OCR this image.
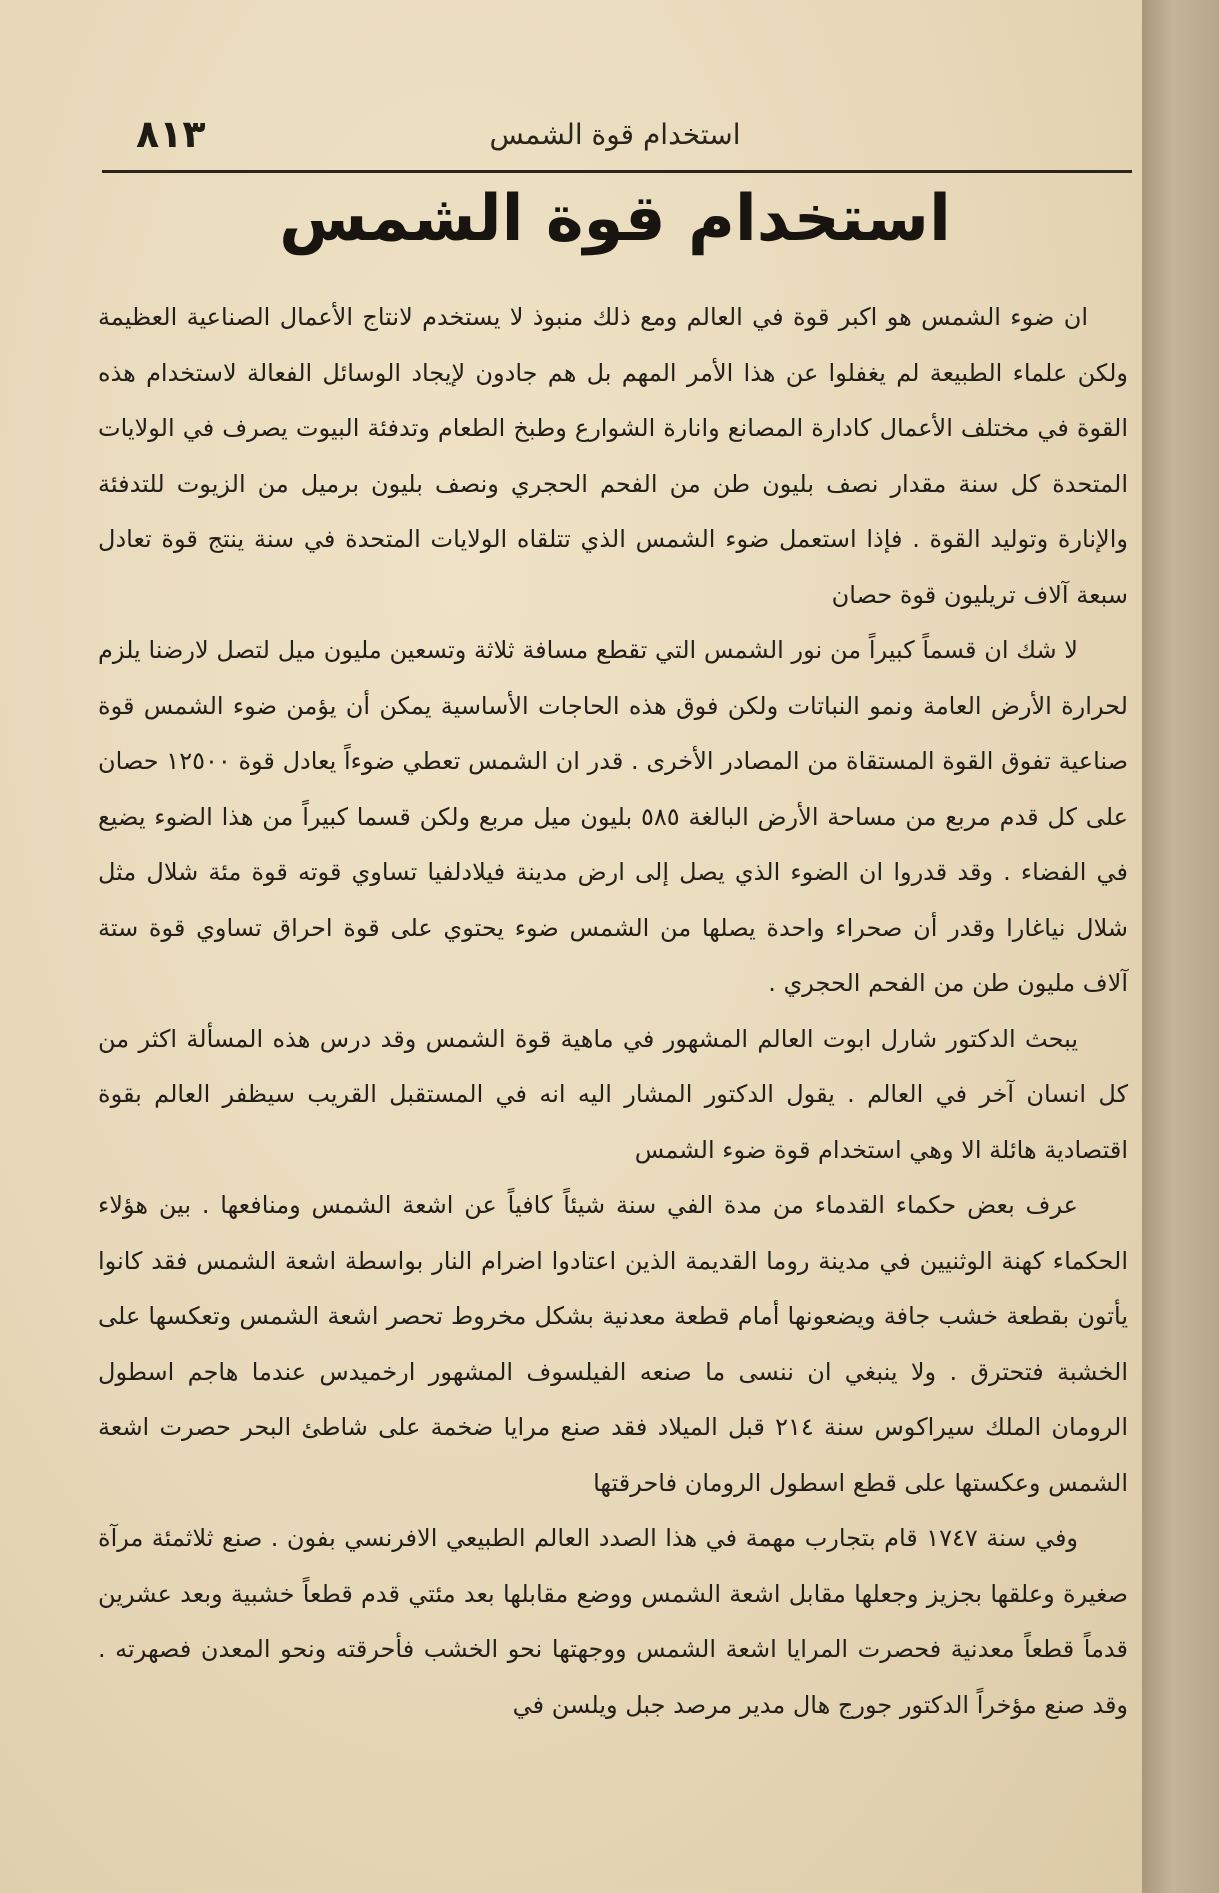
٨١٣	استخدام قوة الشمس
استخدام قوة الشمس

ان ضوء الشمس هو اكبر قوة في العالم ومع ذلك منبوذ لا يستخدم لانتاج الأعمال الصناعية العظيمة ولكن علماء الطبيعة لم يغفلوا عن هذا الأمر المهم بل هم جادون لإيجاد الوسائل الفعالة لاستخدام هذه القوة في مختلف الأعمال كادارة المصانع وانارة الشوارع وطبخ الطعام وتدفئة البيوت يصرف في الولايات المتحدة كل سنة مقدار نصف بليون طن من الفحم الحجري ونصف بليون برميل من الزيوت للتدفئة والإنارة وتوليد القوة . فإذا استعمل ضوء الشمس الذي تتلقاه الولايات المتحدة في سنة ينتج قوة تعادل سبعة آلاف تريليون قوة حصان

لا شك ان قسماً كبيراً من نور الشمس التي تقطع مسافة ثلاثة وتسعين مليون ميل لتصل لارضنا يلزم لحرارة الأرض العامة ونمو النباتات ولكن فوق هذه الحاجات الأساسية يمكن أن يؤمن ضوء الشمس قوة صناعية تفوق القوة المستقاة من المصادر الأخرى . قدر ان الشمس تعطي ضوءاً يعادل قوة ١٢٥٠٠ حصان على كل قدم مربع من مساحة الأرض البالغة ٥٨٥ بليون ميل مربع ولكن قسما كبيراً من هذا الضوء يضيع في الفضاء . وقد قدروا ان الضوء الذي يصل إلى ارض مدينة فيلادلفيا تساوي قوته قوة مئة شلال مثل شلال نياغارا وقدر أن صحراء واحدة يصلها من الشمس ضوء يحتوي على قوة احراق تساوي قوة ستة آلاف مليون طن من الفحم الحجري .

يبحث الدكتور شارل ابوت العالم المشهور في ماهية قوة الشمس وقد درس هذه المسألة اكثر من كل انسان آخر في العالم . يقول الدكتور المشار اليه انه في المستقبل القريب سيظفر العالم بقوة اقتصادية هائلة الا وهي استخدام قوة ضوء الشمس

عرف بعض حكماء القدماء من مدة الفي سنة شيئاً كافياً عن اشعة الشمس ومنافعها . بين هؤلاء الحكماء كهنة الوثنيين في مدينة روما القديمة الذين اعتادوا اضرام النار بواسطة اشعة الشمس فقد كانوا يأتون بقطعة خشب جافة ويضعونها أمام قطعة معدنية بشكل مخروط تحصر اشعة الشمس وتعكسها على الخشبة فتحترق . ولا ينبغي ان ننسى ما صنعه الفيلسوف المشهور ارخميدس عندما هاجم اسطول الرومان الملك سيراكوس سنة ٢١٤ قبل الميلاد فقد صنع مرايا ضخمة على شاطئ البحر حصرت اشعة الشمس وعكستها على قطع اسطول الرومان فاحرقتها

وفي سنة ١٧٤٧ قام بتجارب مهمة في هذا الصدد العالم الطبيعي الافرنسي بفون . صنع ثلاثمئة مرآة صغيرة وعلقها بجزيز وجعلها مقابل اشعة الشمس ووضع مقابلها بعد مئتي قدم قطعاً خشبية وبعد عشرين قدماً قطعاً معدنية فحصرت المرايا اشعة الشمس ووجهتها نحو الخشب فأحرقته ونحو المعدن فصهرته . وقد صنع مؤخراً الدكتور جورج هال مدير مرصد جبل ويلسن في
